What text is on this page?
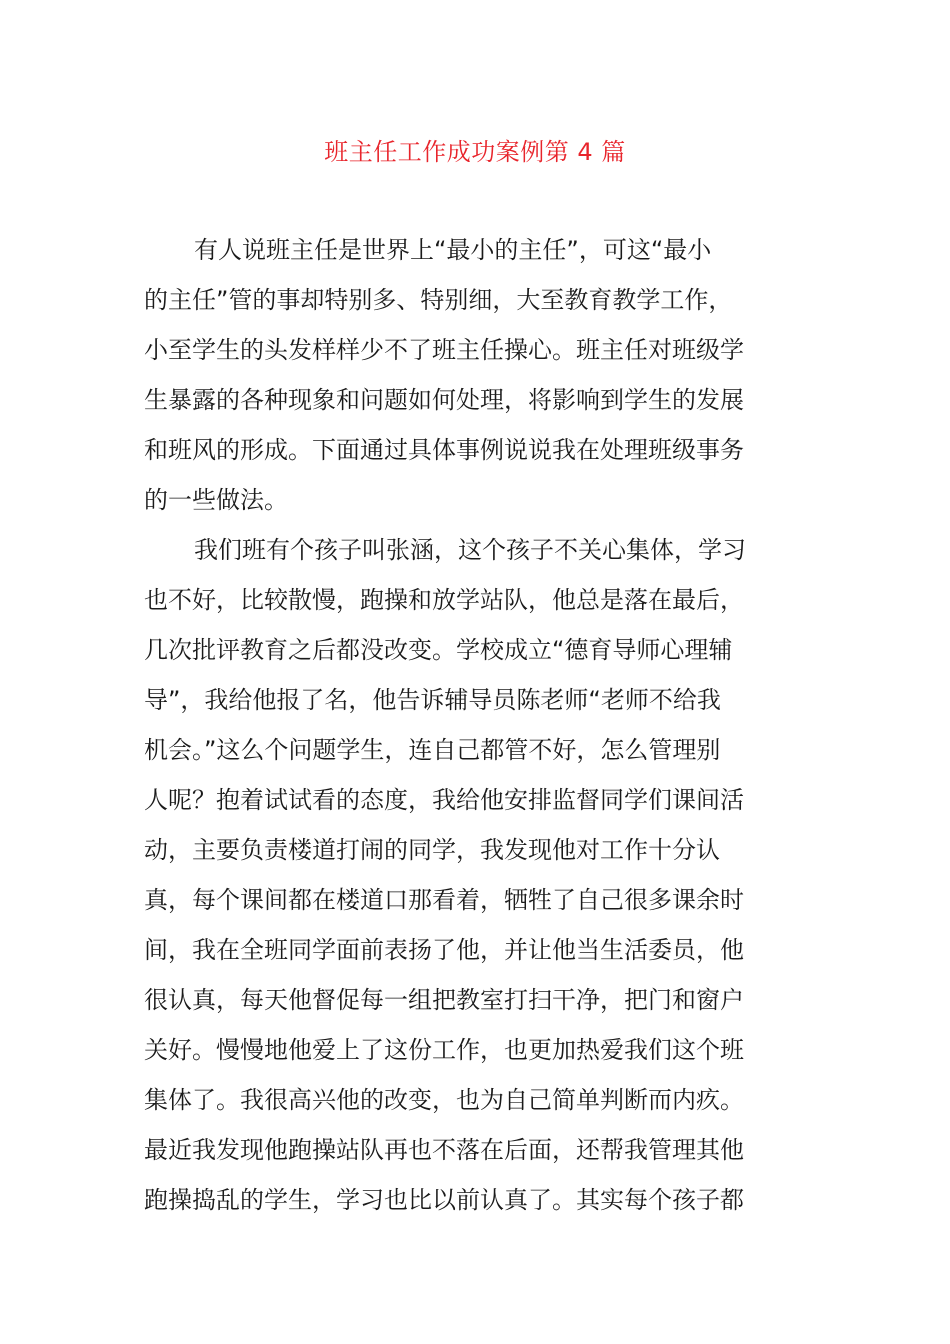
班主任工作成功案例第 4 篇
有人说班主任是世界上“最小的主任”，可这“最小
的主任”管的事却特别多、特别细，大至教育教学工作，
小至学生的头发样样少不了班主任操心。班主任对班级学
生暴露的各种现象和问题如何处理，将影响到学生的发展
和班风的形成。下面通过具体事例说说我在处理班级事务
的一些做法。
我们班有个孩子叫张涵，这个孩子不关心集体，学习
也不好，比较散慢，跑操和放学站队，他总是落在最后，
几次批评教育之后都没改变。学校成立“德育导师心理辅
导”，我给他报了名，他告诉辅导员陈老师“老师不给我
机会。”这么个问题学生，连自己都管不好，怎么管理别
人呢？抱着试试看的态度，我给他安排监督同学们课间活
动，主要负责楼道打闹的同学，我发现他对工作十分认
真，每个课间都在楼道口那看着，牺牲了自己很多课余时
间，我在全班同学面前表扬了他，并让他当生活委员，他
很认真，每天他督促每一组把教室打扫干净，把门和窗户
关好。慢慢地他爱上了这份工作，也更加热爱我们这个班
集体了。我很高兴他的改变，也为自己简单判断而内疚。
最近我发现他跑操站队再也不落在后面，还帮我管理其他
跑操捣乱的学生，学习也比以前认真了。其实每个孩子都
